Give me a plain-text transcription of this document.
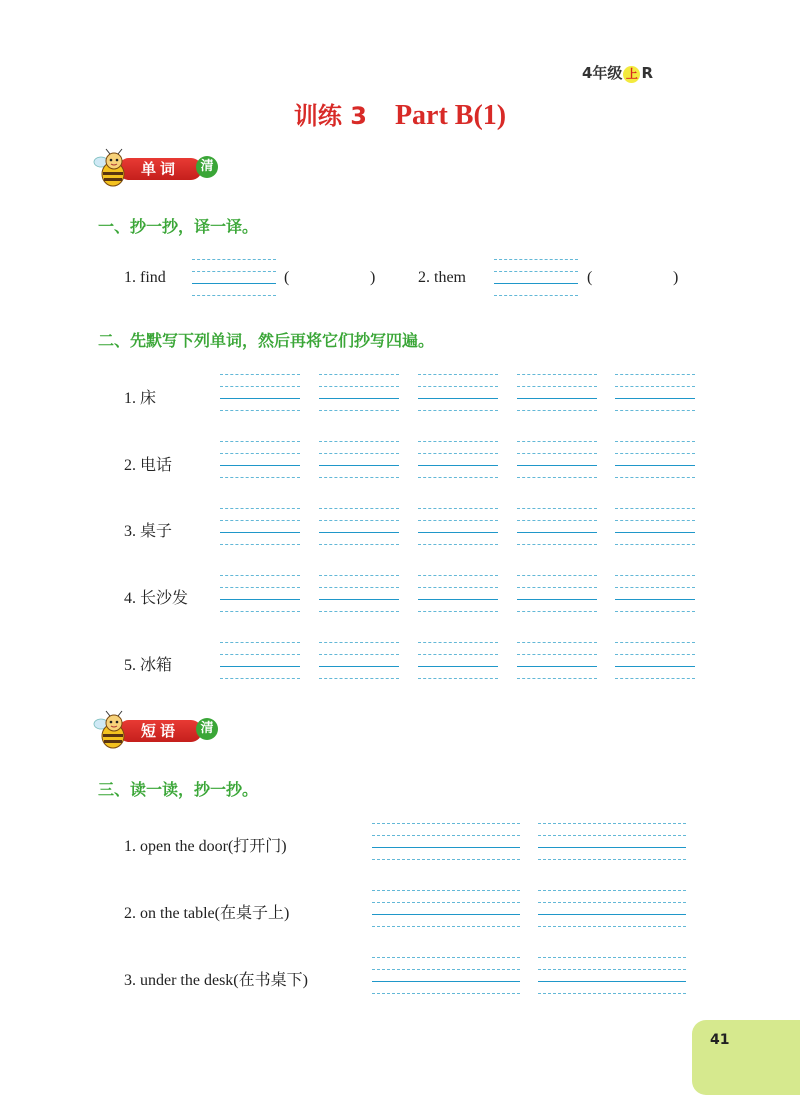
4年级 上 R
训练 3 Part B(1)
单词	清
一、抄一抄，译一译。
1. find	(	)	2. them	(	)
二、先默写下列单词，然后再将它们抄写四遍。
1. 床
2. 电话
3. 桌子
4. 长沙发
5. 冰箱
短语	清
三、读一读，抄一抄。
1. open the door(打开门)
2. on the table(在桌子上)
3. under the desk(在书桌下)
41
